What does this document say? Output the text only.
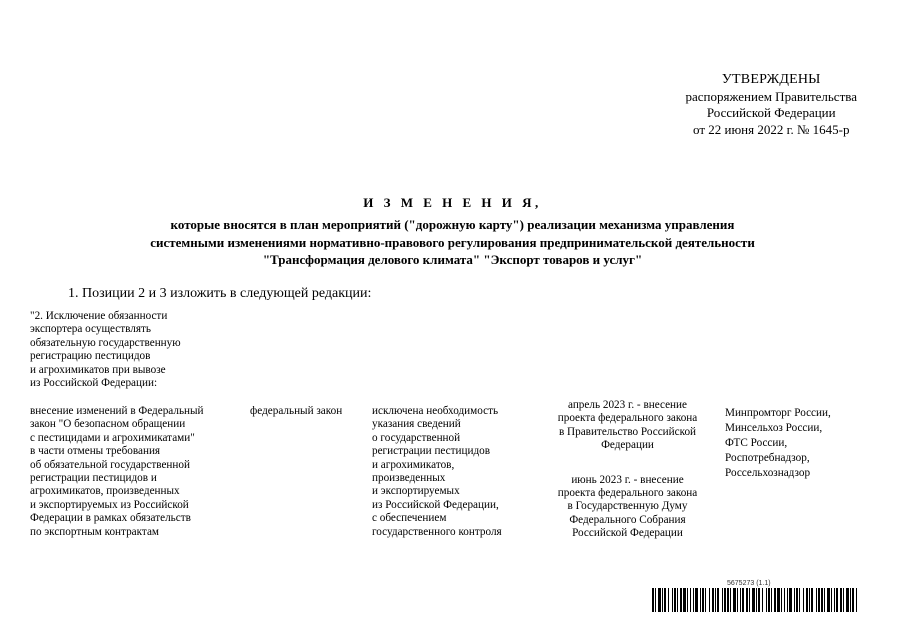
УТВЕРЖДЕНЫ
распоряжением Правительства
Российской Федерации
от 22 июня 2022 г. № 1645-р
И З М Е Н Е Н И Я,
которые вносятся в план мероприятий ("дорожную карту") реализации механизма управления
системными изменениями нормативно-правового регулирования предпринимательской деятельности
"Трансформация делового климата" "Экспорт товаров и услуг"
1. Позиции 2 и 3 изложить в следующей редакции:
"2. Исключение обязанности
экспортера осуществлять
обязательную государственную
регистрацию пестицидов
и агрохимикатов при вывозе
из Российской Федерации:
внесение изменений в Федеральный
закон "О безопасном обращении
с пестицидами и агрохимикатами"
в части отмены требования
об обязательной государственной
регистрации пестицидов и
агрохимикатов, произведенных
и экспортируемых из Российской
Федерации в рамках обязательств
по экспортным контрактам
федеральный закон	исключена необходимость
указания сведений
о государственной
регистрации пестицидов
и агрохимикатов,
произведенных
и экспортируемых
из Российской Федерации,
с обеспечением
государственного контроля
апрель 2023 г. - внесение
проекта федерального закона
в Правительство Российской
Федерации
июнь 2023 г. - внесение
проекта федерального закона
в Государственную Думу
Федерального Собрания
Российской Федерации
Минпромторг России,
Минсельхоз России,
ФТС России,
Роспотребнадзор,
Россельхознадзор
5675273 (1.1)
